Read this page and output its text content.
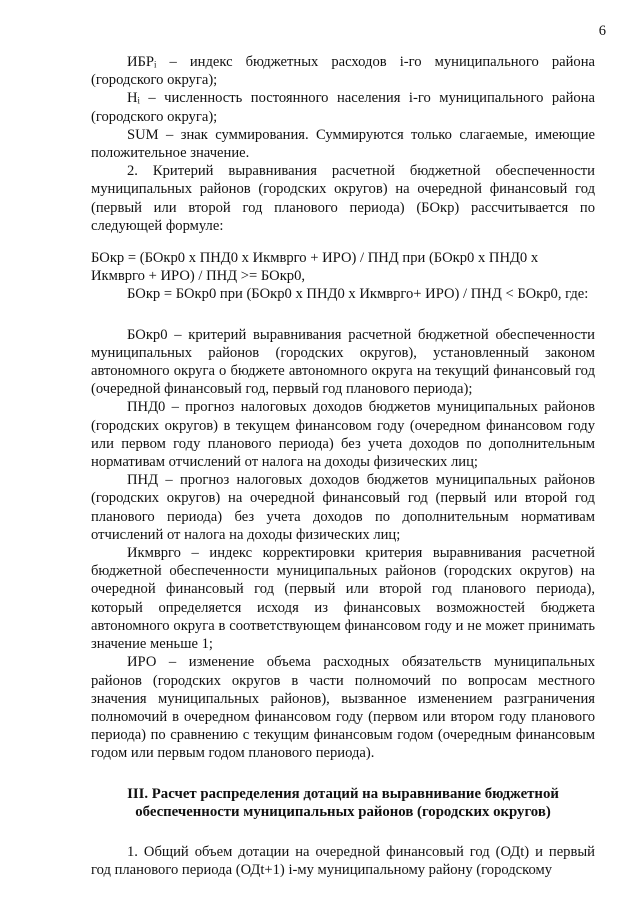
6

ИБРᵢ – индекс бюджетных расходов i-го муниципального района (городского округа);

Нᵢ – численность постоянного населения i-го муниципального района (городского округа);

SUM – знак суммирования. Суммируются только слагаемые, имеющие положительное значение.

2. Критерий выравнивания расчетной бюджетной обеспеченности муниципальных районов (городских округов) на очередной финансовый год (первый или второй год планового периода) (БОкр) рассчитывается по следующей формуле:

БОкр = (БОкр0 х ПНД0 х Икмврго + ИРО) / ПНД при (БОкр0 х ПНД0 х Икмврго + ИРО) / ПНД >= БОкр0,

БОкр = БОкр0 при (БОкр0 х ПНД0 х Икмврго+ ИРО) / ПНД < БОкр0, где:

БОкр0 – критерий выравнивания расчетной бюджетной обеспеченности муниципальных районов (городских округов), установленный законом автономного округа о бюджете автономного округа на текущий финансовый год (очередной финансовый год, первый год планового периода);

ПНД0 – прогноз налоговых доходов бюджетов муниципальных районов (городских округов) в текущем финансовом году (очередном финансовом году или первом году планового периода) без учета доходов по дополнительным нормативам отчислений от налога на доходы физических лиц;

ПНД – прогноз налоговых доходов бюджетов муниципальных районов (городских округов) на очередной финансовый год (первый или второй год планового периода) без учета доходов по дополнительным нормативам отчислений от налога на доходы физических лиц;

Икмврго – индекс корректировки критерия выравнивания расчетной бюджетной обеспеченности муниципальных районов (городских округов) на очередной финансовый год (первый или второй год планового периода), который определяется исходя из финансовых возможностей бюджета автономного округа в соответствующем финансовом году и не может принимать значение меньше 1;

ИРО – изменение объема расходных обязательств муниципальных районов (городских округов в части полномочий по вопросам местного значения муниципальных районов), вызванное изменением разграничения полномочий в очередном финансовом году (первом или втором году планового периода) по сравнению с текущим финансовым годом (очередным финансовым годом или первым годом планового периода).

III. Расчет распределения дотаций на выравнивание бюджетной обеспеченности муниципальных районов (городских округов)

1. Общий объем дотации на очередной финансовый год (ОДt) и первый год планового периода (ОДt+1) i-му муниципальному району (городскому
